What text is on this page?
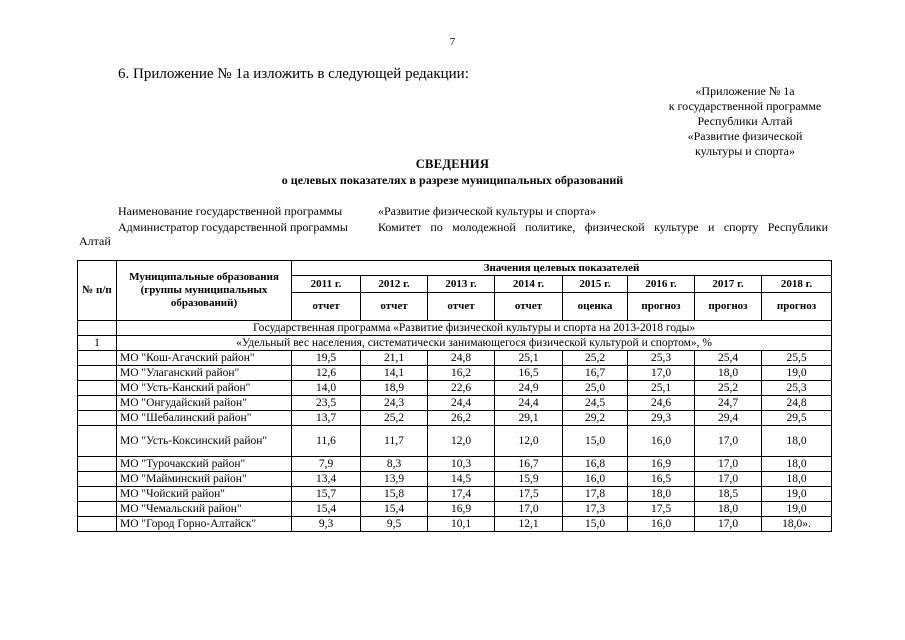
7
6. Приложение № 1а изложить в следующей редакции:
«Приложение № 1а
к государственной программе
Республики Алтай
«Развитие физической
культуры и спорта»
СВЕДЕНИЯ
о целевых показателях в разрезе муниципальных образований
Наименование государственной программы	«Развитие физической культуры и спорта»
Администратор государственной программы	Комитет по молодежной политике, физической культуре и спорту Республики
Алтай
№ п/п	Муниципальные образования (группы муниципальных образований)	Значения целевых показателей							
		2011 г.	2012 г.	2013 г.	2014 г.	2015 г.	2016 г.	2017 г.	2018 г.
		отчет	отчет	отчет	отчет	оценка	прогноз	прогноз	прогноз
	Государственная программа «Развитие физической культуры и спорта на 2013-2018 годы»								
1	«Удельный вес населения, систематически занимающегося физической культурой и спортом», %								
	МО "Кош-Агачский район"	19,5	21,1	24,8	25,1	25,2	25,3	25,4	25,5
	МО "Улаганский район"	12,6	14,1	16,2	16,5	16,7	17,0	18,0	19,0
	МО "Усть-Канский район"	14,0	18,9	22,6	24,9	25,0	25,1	25,2	25,3
	МО "Онгудайский район"	23,5	24,3	24,4	24,4	24,5	24,6	24,7	24,8
	МО "Шебалинский район"	13,7	25,2	26,2	29,1	29,2	29,3	29,4	29,5
	МО "Усть-Коксинский район"	11,6	11,7	12,0	12,0	15,0	16,0	17,0	18,0
	МО "Турочакский район"	7,9	8,3	10,3	16,7	16,8	16,9	17,0	18,0
	МО "Майминский район"	13,4	13,9	14,5	15,9	16,0	16,5	17,0	18,0
	МО "Чойский район"	15,7	15,8	17,4	17,5	17,8	18,0	18,5	19,0
	МО "Чемальский район"	15,4	15,4	16,9	17,0	17,3	17,5	18,0	19,0
	МО "Город Горно-Алтайск"	9,3	9,5	10,1	12,1	15,0	16,0	17,0	18,0».
